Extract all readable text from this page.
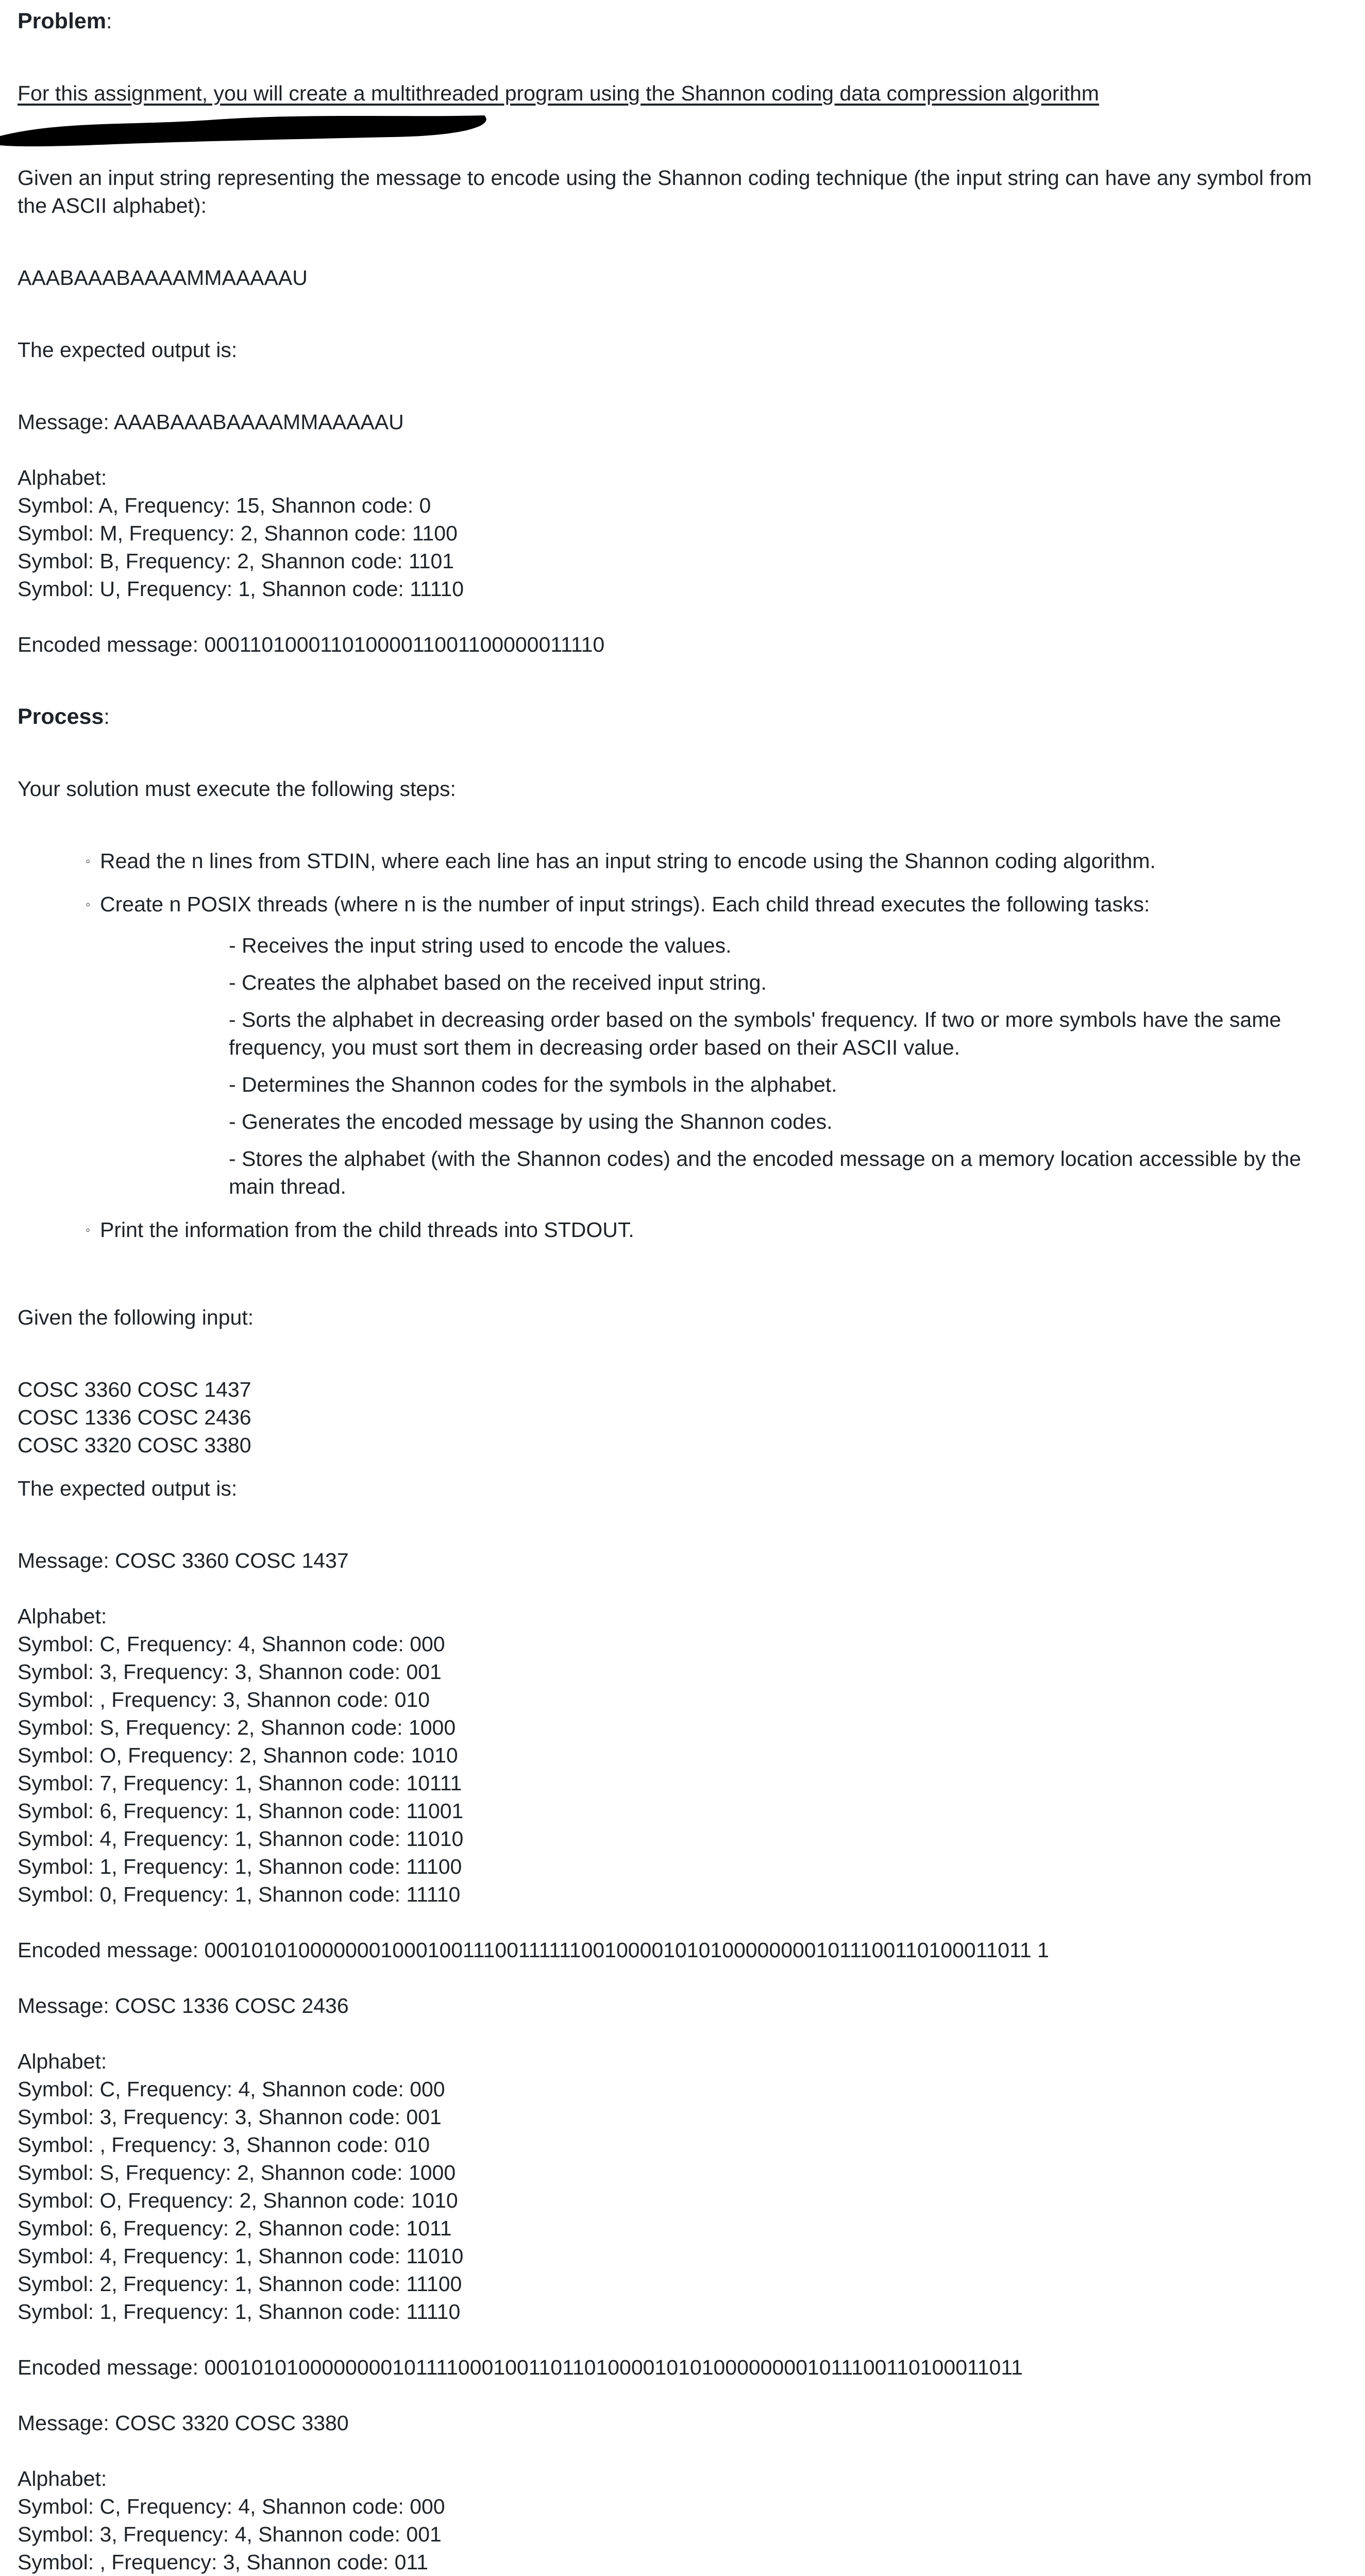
Problem:

For this assignment, you will create a multithreaded program using the Shannon coding data compression algorithm

Given an input string representing the message to encode using the Shannon coding technique (the input string can have any symbol from the ASCII alphabet):

AAABAAABAAAAMMAAAAAU

The expected output is:

Message: AAABAAABAAAAMMAAAAAU

Alphabet:

Symbol: A, Frequency: 15, Shannon code: 0

Symbol: M, Frequency: 2, Shannon code: 1100

Symbol: B, Frequency: 2, Shannon code: 1101

Symbol: U, Frequency: 1, Shannon code: 11110

Encoded message: 00011010001101000011001100000011110

Process:

Your solution must execute the following steps:

◦ Read the n lines from STDIN, where each line has an input string to encode using the Shannon coding algorithm.
◦ Create n POSIX threads (where n is the number of input strings). Each child thread executes the following tasks:

- Receives the input string used to encode the values.

- Creates the alphabet based on the received input string.

- Sorts the alphabet in decreasing order based on the symbols' frequency. If two or more symbols have the same frequency, you must sort them in decreasing order based on their ASCII value.

- Determines the Shannon codes for the symbols in the alphabet.

- Generates the encoded message by using the Shannon codes.

- Stores the alphabet (with the Shannon codes) and the encoded message on a memory location accessible by the main thread.

◦ Print the information from the child threads into STDOUT.

Given the following input:

COSC 3360 COSC 1437

COSC 1336 COSC 2436

COSC 3320 COSC 3380

The expected output is:

Message: COSC 3360 COSC 1437

Alphabet:

Symbol: C, Frequency: 4, Shannon code: 000

Symbol: 3, Frequency: 3, Shannon code: 001

Symbol: , Frequency: 3, Shannon code: 010

Symbol: S, Frequency: 2, Shannon code: 1000

Symbol: O, Frequency: 2, Shannon code: 1010

Symbol: 7, Frequency: 1, Shannon code: 10111

Symbol: 6, Frequency: 1, Shannon code: 11001

Symbol: 4, Frequency: 1, Shannon code: 11010

Symbol: 1, Frequency: 1, Shannon code: 11100

Symbol: 0, Frequency: 1, Shannon code: 11110

Encoded message: 000101010000000100010011100111111001000010101000000001011100110100011011 1

Message: COSC 1336 COSC 2436

Alphabet:

Symbol: C, Frequency: 4, Shannon code: 000

Symbol: 3, Frequency: 3, Shannon code: 001

Symbol: , Frequency: 3, Shannon code: 010

Symbol: S, Frequency: 2, Shannon code: 1000

Symbol: O, Frequency: 2, Shannon code: 1010

Symbol: 6, Frequency: 2, Shannon code: 1011

Symbol: 4, Frequency: 1, Shannon code: 11010

Symbol: 2, Frequency: 1, Shannon code: 11100

Symbol: 1, Frequency: 1, Shannon code: 11110

Encoded message: 00010101000000001011110001001101101000010101000000001011100110100011011

Message: COSC 3320 COSC 3380

Alphabet:

Symbol: C, Frequency: 4, Shannon code: 000

Symbol: 3, Frequency: 4, Shannon code: 001

Symbol: , Frequency: 3, Shannon code: 011
